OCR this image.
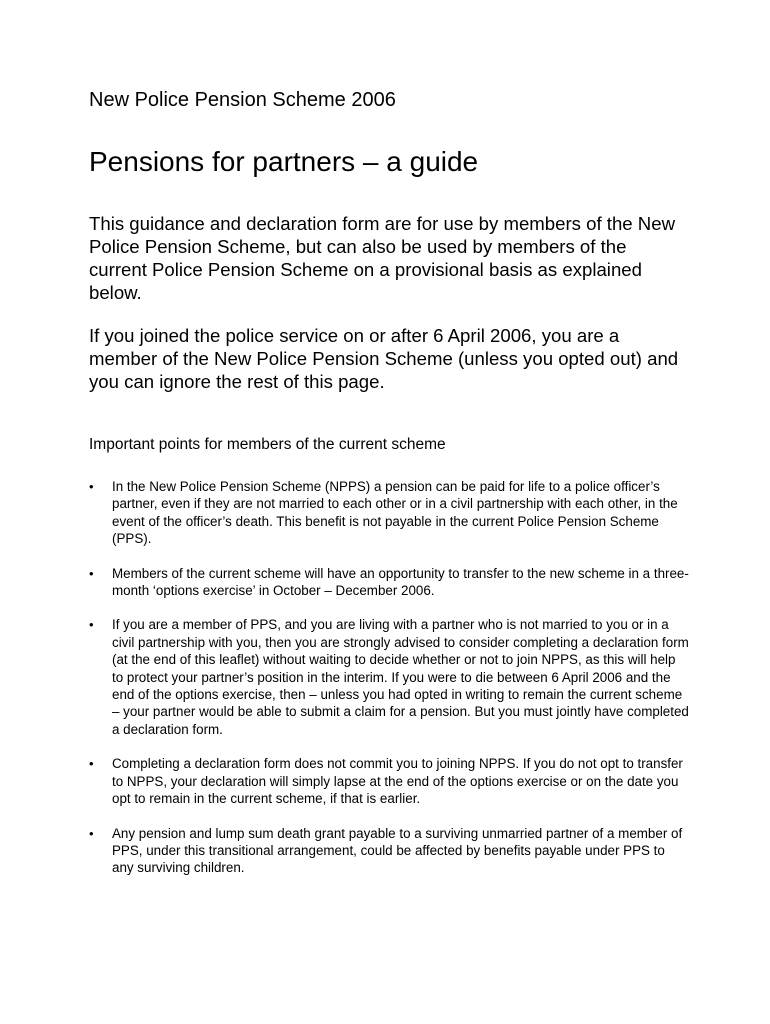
New Police Pension Scheme 2006
Pensions for partners – a guide

This guidance and declaration form are for use by members of the New Police Pension Scheme, but can also be used by members of the current Police Pension Scheme on a provisional basis as explained below.

If you joined the police service on or after 6 April 2006, you are a member of the New Police Pension Scheme (unless you opted out) and you can ignore the rest of this page.

Important points for members of the current scheme
•	In the New Police Pension Scheme (NPPS) a pension can be paid for life to a police officer’s partner, even if they are not married to each other or in a civil partnership with each other, in the event of the officer’s death. This benefit is not payable in the current Police Pension Scheme (PPS).
•	Members of the current scheme will have an opportunity to transfer to the new scheme in a three-month ‘options exercise’ in October – December 2006.
•	If you are a member of PPS, and you are living with a partner who is not married to you or in a civil partnership with you, then you are strongly advised to consider completing a declaration form (at the end of this leaflet) without waiting to decide whether or not to join NPPS, as this will help to protect your partner’s position in the interim. If you were to die between 6 April 2006 and the end of the options exercise, then – unless you had opted in writing to remain the current scheme – your partner would be able to submit a claim for a pension. But you must jointly have completed a declaration form.
•	Completing a declaration form does not commit you to joining NPPS. If you do not opt to transfer to NPPS, your declaration will simply lapse at the end of the options exercise or on the date you opt to remain in the current scheme, if that is earlier.
•	Any pension and lump sum death grant payable to a surviving unmarried partner of a member of PPS, under this transitional arrangement, could be affected by benefits payable under PPS to any surviving children.
